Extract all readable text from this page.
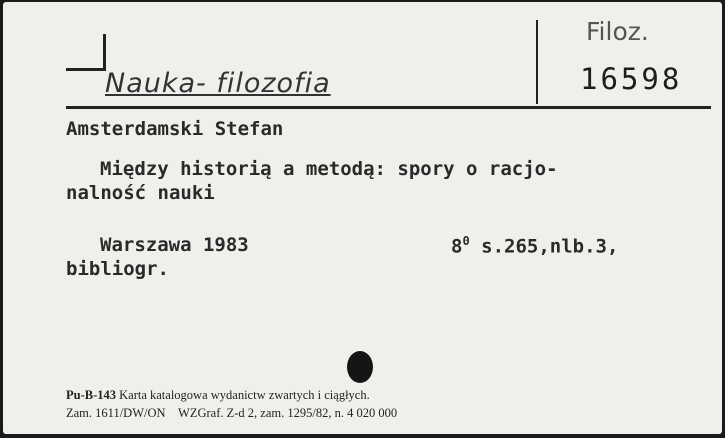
Nauka- filozofia
Filoz.
16598
Amsterdamski Stefan
Między historią a metodą: spory o racjo-
nalność nauki
Warszawa 1983	$8^0$ s.265,nlb.3,
bibliogr.
Pu-B-143 Karta katalogowa wydanictw zwartych i ciągłych.
Zam. 1611/DW/ON WZGraf. Z-d 2, zam. 1295/82, n. 4 020 000
